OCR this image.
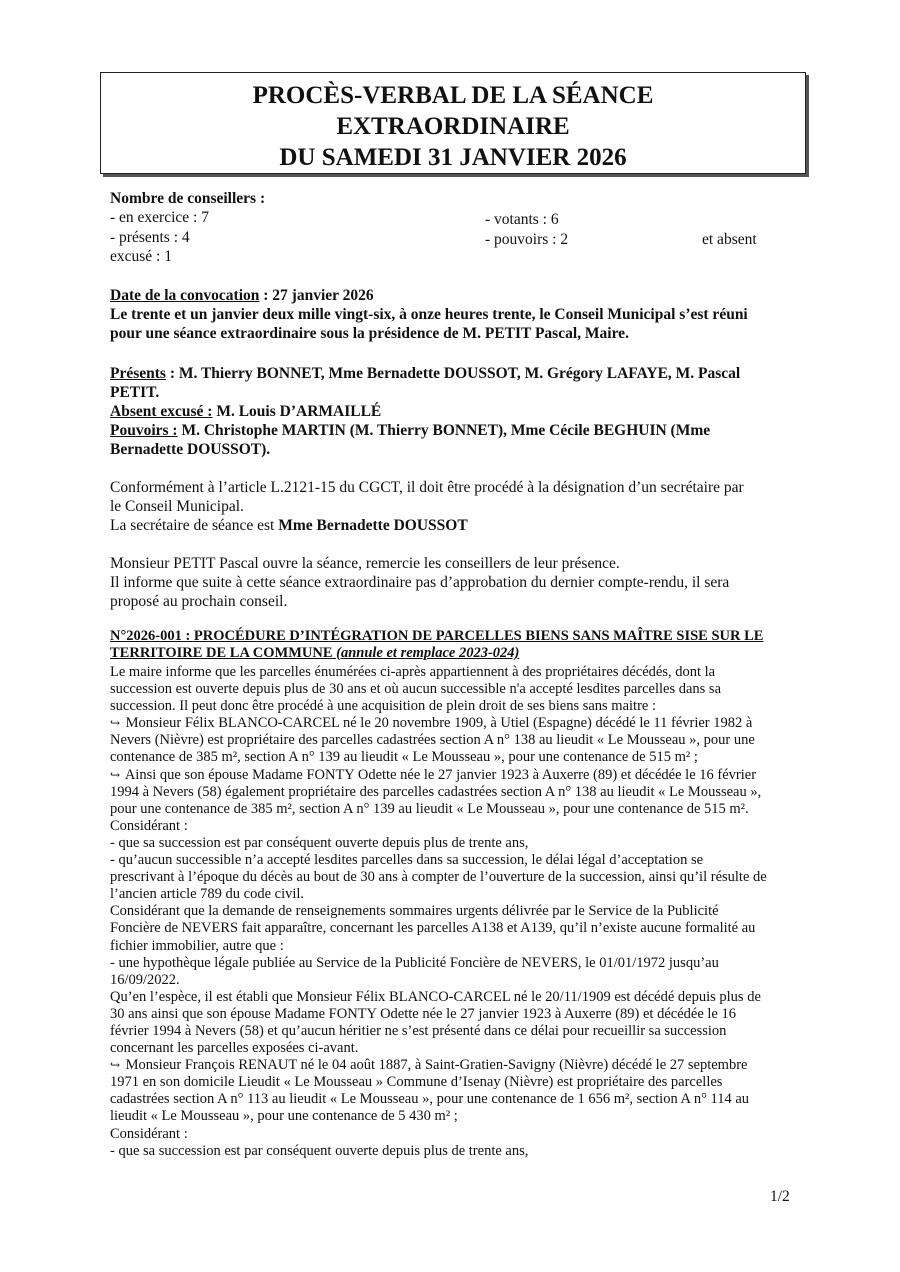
PROCÈS-VERBAL DE LA SÉANCE
EXTRAORDINAIRE
DU SAMEDI 31 JANVIER 2026
Nombre de conseillers :
- en exercice : 7
- présents : 4
excusé : 1
- votants : 6
- pouvoirs : 2	et absent
Date de la convocation : 27 janvier 2026
Le trente et un janvier deux mille vingt-six, à onze heures trente, le Conseil Municipal s’est réuni
pour une séance extraordinaire sous la présidence de M. PETIT Pascal, Maire.
Présents : M. Thierry BONNET, Mme Bernadette DOUSSOT, M. Grégory LAFAYE, M. Pascal
PETIT.
Absent excusé : M. Louis D’ARMAILLÉ
Pouvoirs : M. Christophe MARTIN (M. Thierry BONNET), Mme Cécile BEGHUIN (Mme
Bernadette DOUSSOT).
Conformément à l’article L.2121-15 du CGCT, il doit être procédé à la désignation d’un secrétaire par
le Conseil Municipal.
La secrétaire de séance est Mme Bernadette DOUSSOT
Monsieur PETIT Pascal ouvre la séance, remercie les conseillers de leur présence.
Il informe que suite à cette séance extraordinaire pas d’approbation du dernier compte-rendu, il sera
proposé au prochain conseil.
N°2026-001 : PROCÉDURE D’INTÉGRATION DE PARCELLES BIENS SANS MAÎTRE SISE SUR LE
TERRITOIRE DE LA COMMUNE (annule et remplace 2023-024)
Le maire informe que les parcelles énumérées ci-après appartiennent à des propriétaires décédés, dont la
succession est ouverte depuis plus de 30 ans et où aucun successible n'a accepté lesdites parcelles dans sa
succession. Il peut donc être procédé à une acquisition de plein droit de ses biens sans maitre :
↪ Monsieur Félix BLANCO-CARCEL né le 20 novembre 1909, à Utiel (Espagne) décédé le 11 février 1982 à
Nevers (Nièvre) est propriétaire des parcelles cadastrées section A n° 138 au lieudit « Le Mousseau », pour une
contenance de 385 m², section A n° 139 au lieudit « Le Mousseau », pour une contenance de 515 m² ;
↪ Ainsi que son épouse Madame FONTY Odette née le 27 janvier 1923 à Auxerre (89) et décédée le 16 février
1994 à Nevers (58) également propriétaire des parcelles cadastrées section A n° 138 au lieudit « Le Mousseau »,
pour une contenance de 385 m², section A n° 139 au lieudit « Le Mousseau », pour une contenance de 515 m².
Considérant :
- que sa succession est par conséquent ouverte depuis plus de trente ans,
- qu’aucun successible n’a accepté lesdites parcelles dans sa succession, le délai légal d’acceptation se
prescrivant à l’époque du décès au bout de 30 ans à compter de l’ouverture de la succession, ainsi qu’il résulte de
l’ancien article 789 du code civil.
Considérant que la demande de renseignements sommaires urgents délivrée par le Service de la Publicité
Foncière de NEVERS fait apparaître, concernant les parcelles A138 et A139, qu’il n’existe aucune formalité au
fichier immobilier, autre que :
- une hypothèque légale publiée au Service de la Publicité Foncière de NEVERS, le 01/01/1972 jusqu’au
16/09/2022.
Qu’en l’espèce, il est établi que Monsieur Félix BLANCO-CARCEL né le 20/11/1909 est décédé depuis plus de
30 ans ainsi que son épouse Madame FONTY Odette née le 27 janvier 1923 à Auxerre (89) et décédée le 16
février 1994 à Nevers (58) et qu’aucun héritier ne s’est présenté dans ce délai pour recueillir sa succession
concernant les parcelles exposées ci-avant.
↪ Monsieur François RENAUT né le 04 août 1887, à Saint-Gratien-Savigny (Nièvre) décédé le 27 septembre
1971 en son domicile Lieudit « Le Mousseau » Commune d’Isenay (Nièvre) est propriétaire des parcelles
cadastrées section A n° 113 au lieudit « Le Mousseau », pour une contenance de 1 656 m², section A n° 114 au
lieudit « Le Mousseau », pour une contenance de 5 430 m² ;
Considérant :
- que sa succession est par conséquent ouverte depuis plus de trente ans,
1/2
